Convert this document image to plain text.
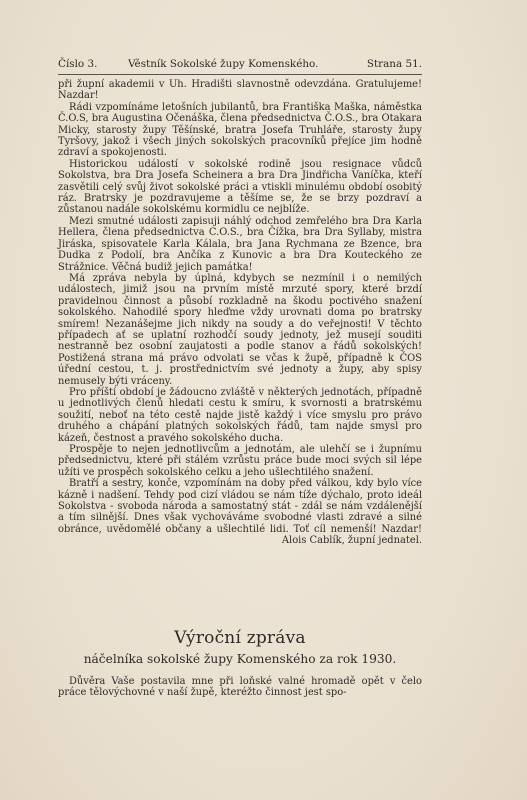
Číslo 3.	Věstník Sokolské župy Komenského.	Strana 51.

při župní akademii v Uh. Hradišti slavnostně odevzdána. Gratulujeme! Nazdar!

Rádi vzpomínáme letošních jubilantů, bra Františka Maška, náměstka Č.O.S, bra Augustina Očenáška, člena předsednictva Č.O.S., bra Otakara Micky, starosty župy Těšínské, bratra Josefa Truhláře, starosty župy Tyršovy, jakož i všech jiných sokolských pracovníků přejíce jim hodně zdraví a spokojenosti.

Historickou událostí v sokolské rodině jsou resignace vůdců Sokolstva, bra Dra Josefa Scheinera a bra Dra Jindřicha Vaníčka, kteří zasvětili celý svůj život sokolské práci a vtiskli minulému období osobitý ráz. Bratrsky je pozdravujeme a těšíme se, že se brzy pozdraví a zůstanou nadále sokolskému kormidlu ce nejblíže.

Mezi smutné události zapisuji náhlý odchod zemřelého bra Dra Karla Hellera, člena předsednictva C.O.S., bra Čížka, bra Dra Syllaby, mistra Jiráska, spisovatele Karla Kálala, bra Jana Rychmana ze Bzence, bra Dudka z Podolí, bra Ančíka z Kunovic a bra Dra Kouteckého ze Strážnice. Věčná budiž jejich památka!

Má zpráva nebyla by úplná, kdybych se nezmínil i o nemilých událostech, jimiž jsou na prvním místě mrzuté spory, které brzdí pravidelnou činnost a působí rozkladně na škodu poctivého snažení sokolského. Nahodilé spory hleďme vždy urovnati doma po bratrsky smírem! Nezanášejme jich nikdy na soudy a do veřejnosti! V těchto případech ať se uplatní rozhodčí soudy jednoty, jež musejí souditi nestranně bez osobní zaujatosti a podle stanov a řádů sokolských! Postižená strana má právo odvolati se včas k župě, případně k ČOS úřední cestou, t. j. prostřednictvím své jednoty a župy, aby spisy nemusely býti vráceny.

Pro příští období je žádoucno zvláště v některých jednotách, případně u jednotlivých členů hledati cestu k smíru, k svornosti a bratrskému soužití, neboť na této cestě najde jistě každý i více smyslu pro právo druhého a chápání platných sokolských řádů, tam najde smysl pro kázeň, čestnost a pravého sokolského ducha.

Prospěje to nejen jednotlivcům a jednotám, ale ulehčí se i župnímu předsednictvu, které při stálém vzrůstu práce bude moci svých sil lépe užíti ve prospěch sokolského celku a jeho ušlechtilého snažení.

Bratří a sestry, konče, vzpomínám na doby před válkou, kdy bylo více kázně i nadšení. Tehdy pod cizí vládou se nám tíže dýchalo, proto ideál Sokolstva - svoboda národa a samostatný stát - zdál se nám vzdálenější a tím silnější. Dnes však vychováváme svobodné vlasti zdravé a silné obránce, uvědomělé občany a ušlechtilé lidi. Toť cíl nemenší! Nazdar! Alois Cablík, župní jednatel.

Výroční zpráva
náčelníka sokolské župy Komenského za rok 1930.

Důvěra Vaše postavila mne při loňské valné hromadě opět v čelo práce tělovýchovné v naší župě, kteréžto činnost jest spo-
